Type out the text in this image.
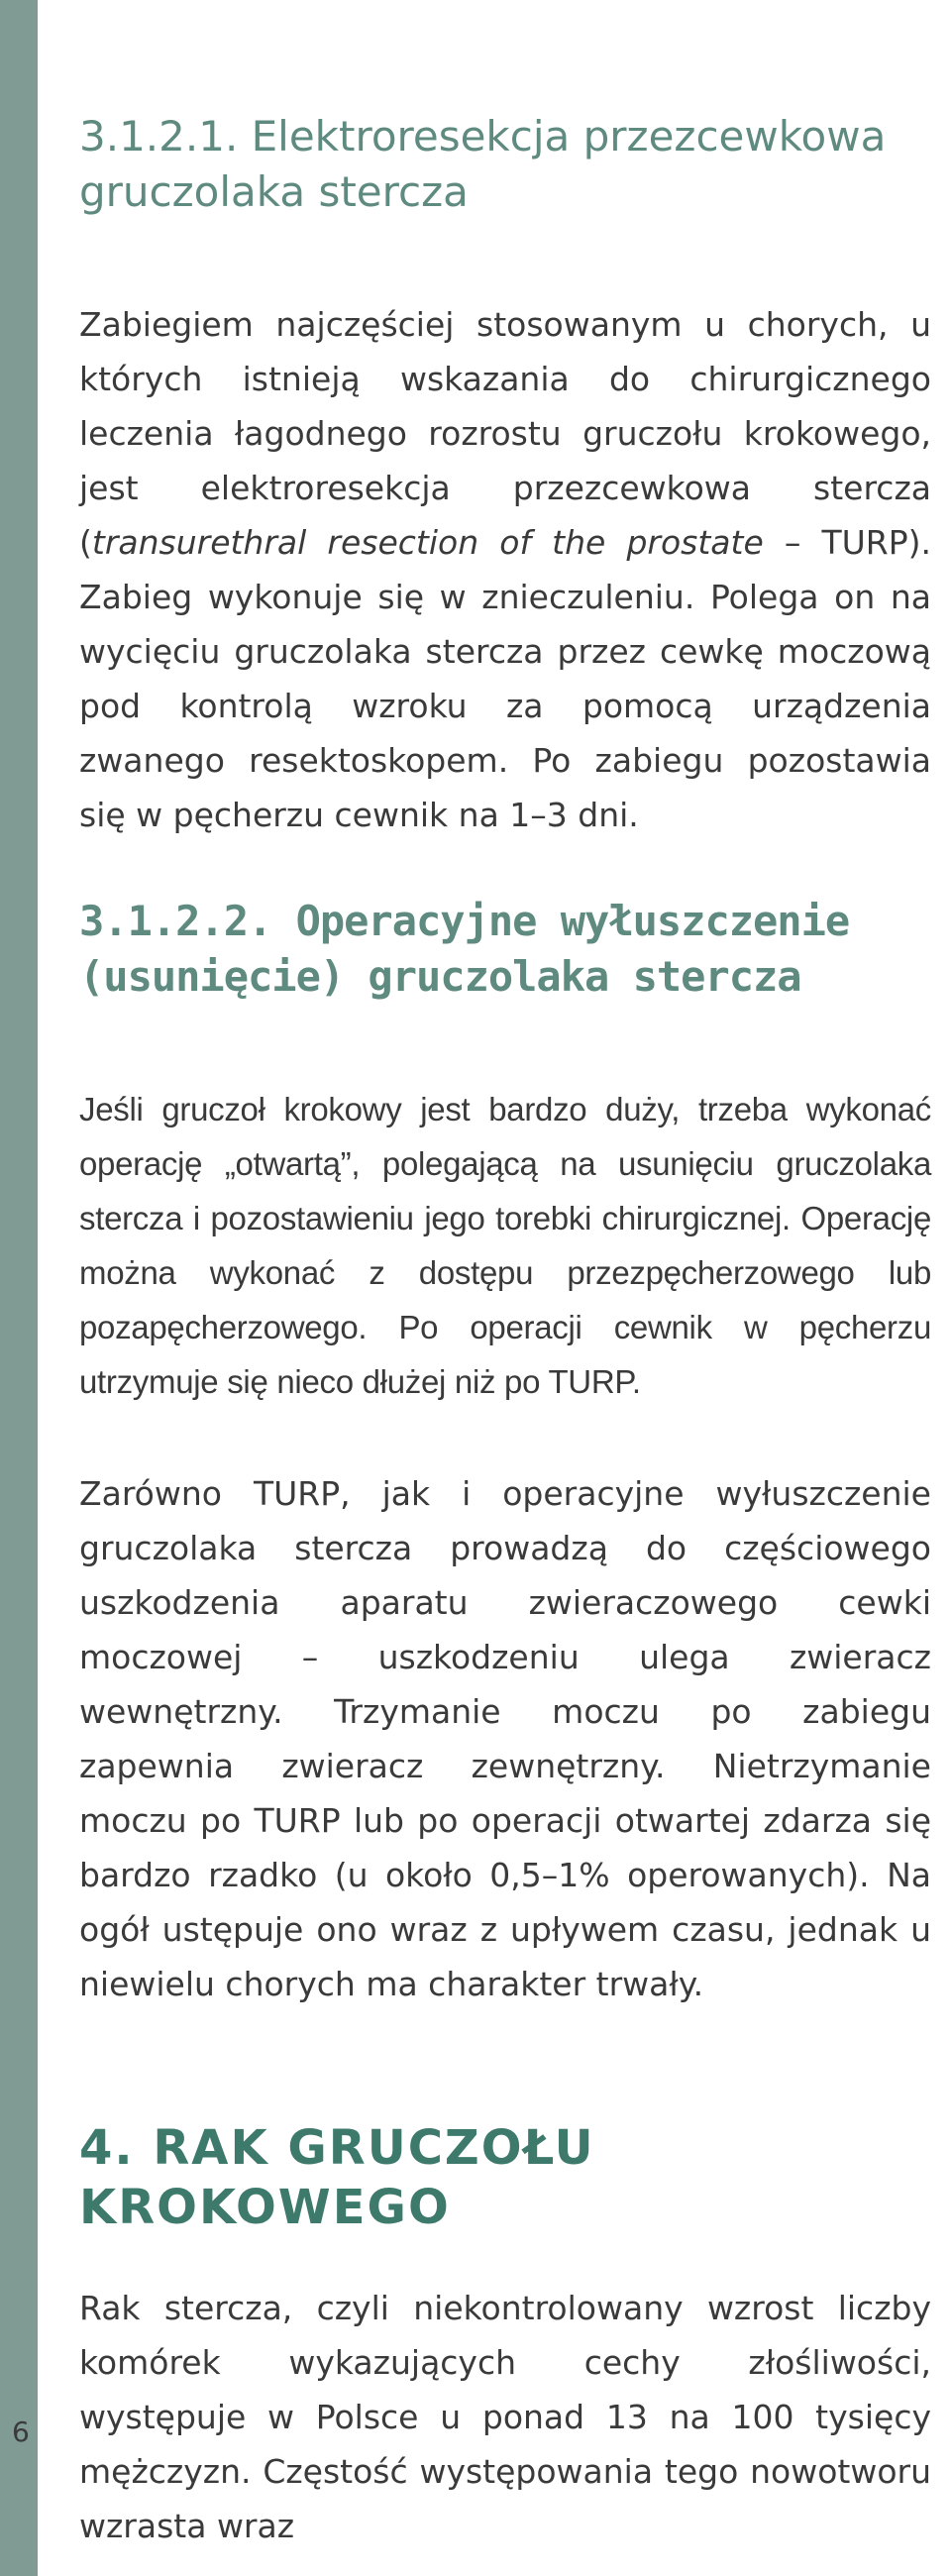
6
3.1.2.1. Elektroresekcja przezcewkowa
gruczolaka stercza

Zabiegiem najczęściej stosowanym u chorych, u których istnieją wskazania do chirurgicznego leczenia łagodnego rozrostu gruczołu krokowego, jest elektroresekcja przezcewkowa stercza (transurethral resection of the prostate – TURP). Zabieg wykonuje się w znieczuleniu. Polega on na wycięciu gruczolaka stercza przez cewkę moczową pod kontrolą wzroku za pomocą urządzenia zwanego resektoskopem. Po zabiegu pozostawia się w pęcherzu cewnik na 1–3 dni.

3.1.2.2. Operacyjne wyłuszczenie
(usunięcie) gruczolaka stercza

Jeśli gruczoł krokowy jest bardzo duży, trzeba wykonać operację „otwartą”, polegającą na usunięciu gruczolaka stercza i pozostawieniu jego torebki chirurgicznej. Operację można wykonać z dostępu przezpęcherzowego lub pozapęcherzowego. Po operacji cewnik w pęcherzu utrzymuje się nieco dłużej niż po TURP.

Zarówno TURP, jak i operacyjne wyłuszczenie gruczolaka stercza prowadzą do częściowego uszkodzenia aparatu zwieraczowego cewki moczowej – uszkodzeniu ulega zwieracz wewnętrzny. Trzymanie moczu po zabiegu zapewnia zwieracz zewnętrzny. Nietrzymanie moczu po TURP lub po operacji otwartej zdarza się bardzo rzadko (u około 0,5–1% operowanych). Na ogół ustępuje ono wraz z upływem czasu, jednak u niewielu chorych ma charakter trwały.

4. RAK GRUCZOŁU KROKOWEGO

Rak stercza, czyli niekontrolowany wzrost liczby komórek wykazujących cechy złośliwości, występuje w Polsce u ponad 13 na 100 tysięcy mężczyzn. Częstość występowania tego nowotworu wzrasta wraz
